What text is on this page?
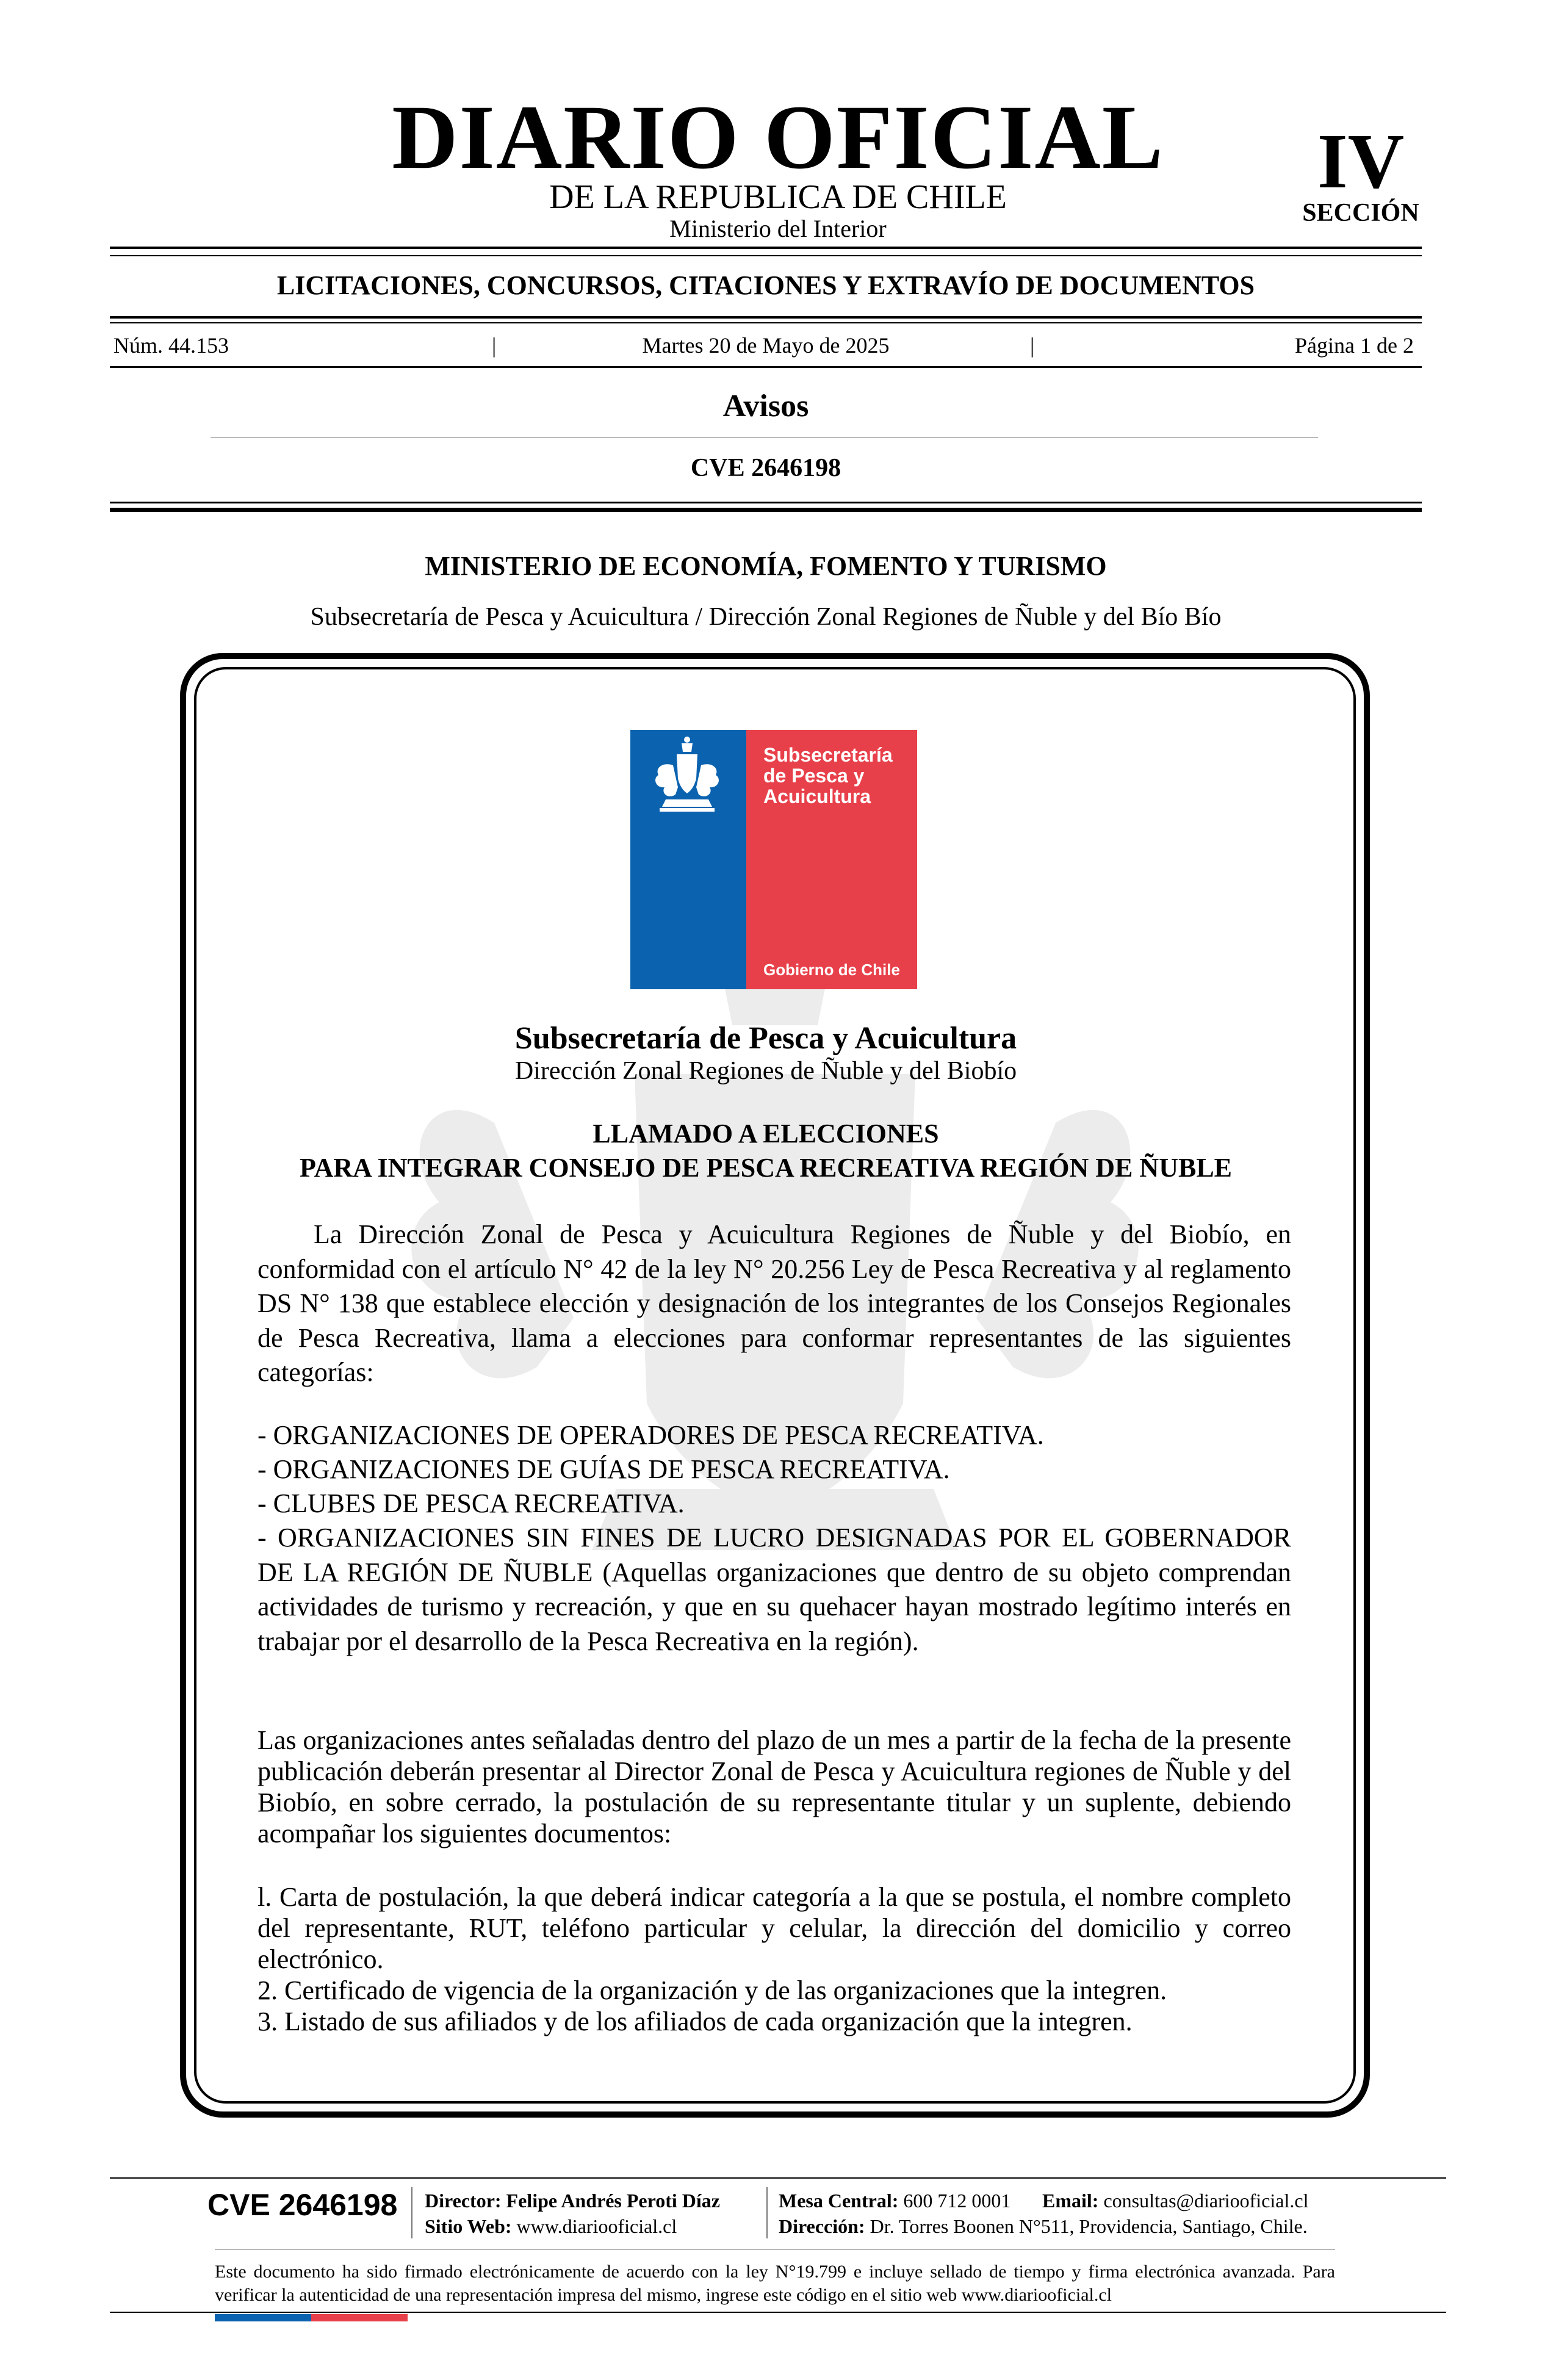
DIARIO OFICIAL
DE LA REPUBLICA DE CHILE
Ministerio del Interior
IV
SECCIÓN
LICITACIONES, CONCURSOS, CITACIONES Y EXTRAVÍO DE DOCUMENTOS
Núm. 44.153	|	Martes 20 de Mayo de 2025	|	Página 1 de 2
Avisos
CVE 2646198
MINISTERIO DE ECONOMÍA, FOMENTO Y TURISMO
Subsecretaría de Pesca y Acuicultura / Dirección Zonal Regiones de Ñuble y del Bío Bío
Subsecretaría
de Pesca y
Acuicultura
Gobierno de Chile
Subsecretaría de Pesca y Acuicultura
Dirección Zonal Regiones de Ñuble y del Biobío
LLAMADO A ELECCIONES
PARA INTEGRAR CONSEJO DE PESCA RECREATIVA REGIÓN DE ÑUBLE
La Dirección Zonal de Pesca y Acuicultura Regiones de Ñuble y del Biobío, en conformidad con el artículo N° 42 de la ley N° 20.256 Ley de Pesca Recreativa y al reglamento DS N° 138 que establece elección y designación de los integrantes de los Consejos Regionales de Pesca Recreativa, llama a elecciones para conformar representantes de las siguientes categorías:
- ORGANIZACIONES DE OPERADORES DE PESCA RECREATIVA.
- ORGANIZACIONES DE GUÍAS DE PESCA RECREATIVA.
- CLUBES DE PESCA RECREATIVA.
- ORGANIZACIONES SIN FINES DE LUCRO DESIGNADAS POR EL GOBERNADOR DE LA REGIÓN DE ÑUBLE (Aquellas organizaciones que dentro de su objeto comprendan actividades de turismo y recreación, y que en su quehacer hayan mostrado legítimo interés en trabajar por el desarrollo de la Pesca Recreativa en la región).
Las organizaciones antes señaladas dentro del plazo de un mes a partir de la fecha de la presente publicación deberán presentar al Director Zonal de Pesca y Acuicultura regiones de Ñuble y del Biobío, en sobre cerrado, la postulación de su representante titular y un suplente, debiendo acompañar los siguientes documentos:
l. Carta de postulación, la que deberá indicar categoría a la que se postula, el nombre completo del representante, RUT, teléfono particular y celular, la dirección del domicilio y correo electrónico.
2. Certificado de vigencia de la organización y de las organizaciones que la integren.
3. Listado de sus afiliados y de los afiliados de cada organización que la integren.
CVE 2646198 Director: Felipe Andrés Peroti Díaz
Sitio Web: www.diariooficial.cl
Mesa Central: 600 712 0001 Email: consultas@diariooficial.cl
Dirección: Dr. Torres Boonen N°511, Providencia, Santiago, Chile.
Este documento ha sido firmado electrónicamente de acuerdo con la ley N°19.799 e incluye sellado de tiempo y firma electrónica avanzada. Para verificar la autenticidad de una representación impresa del mismo, ingrese este código en el sitio web www.diariooficial.cl
